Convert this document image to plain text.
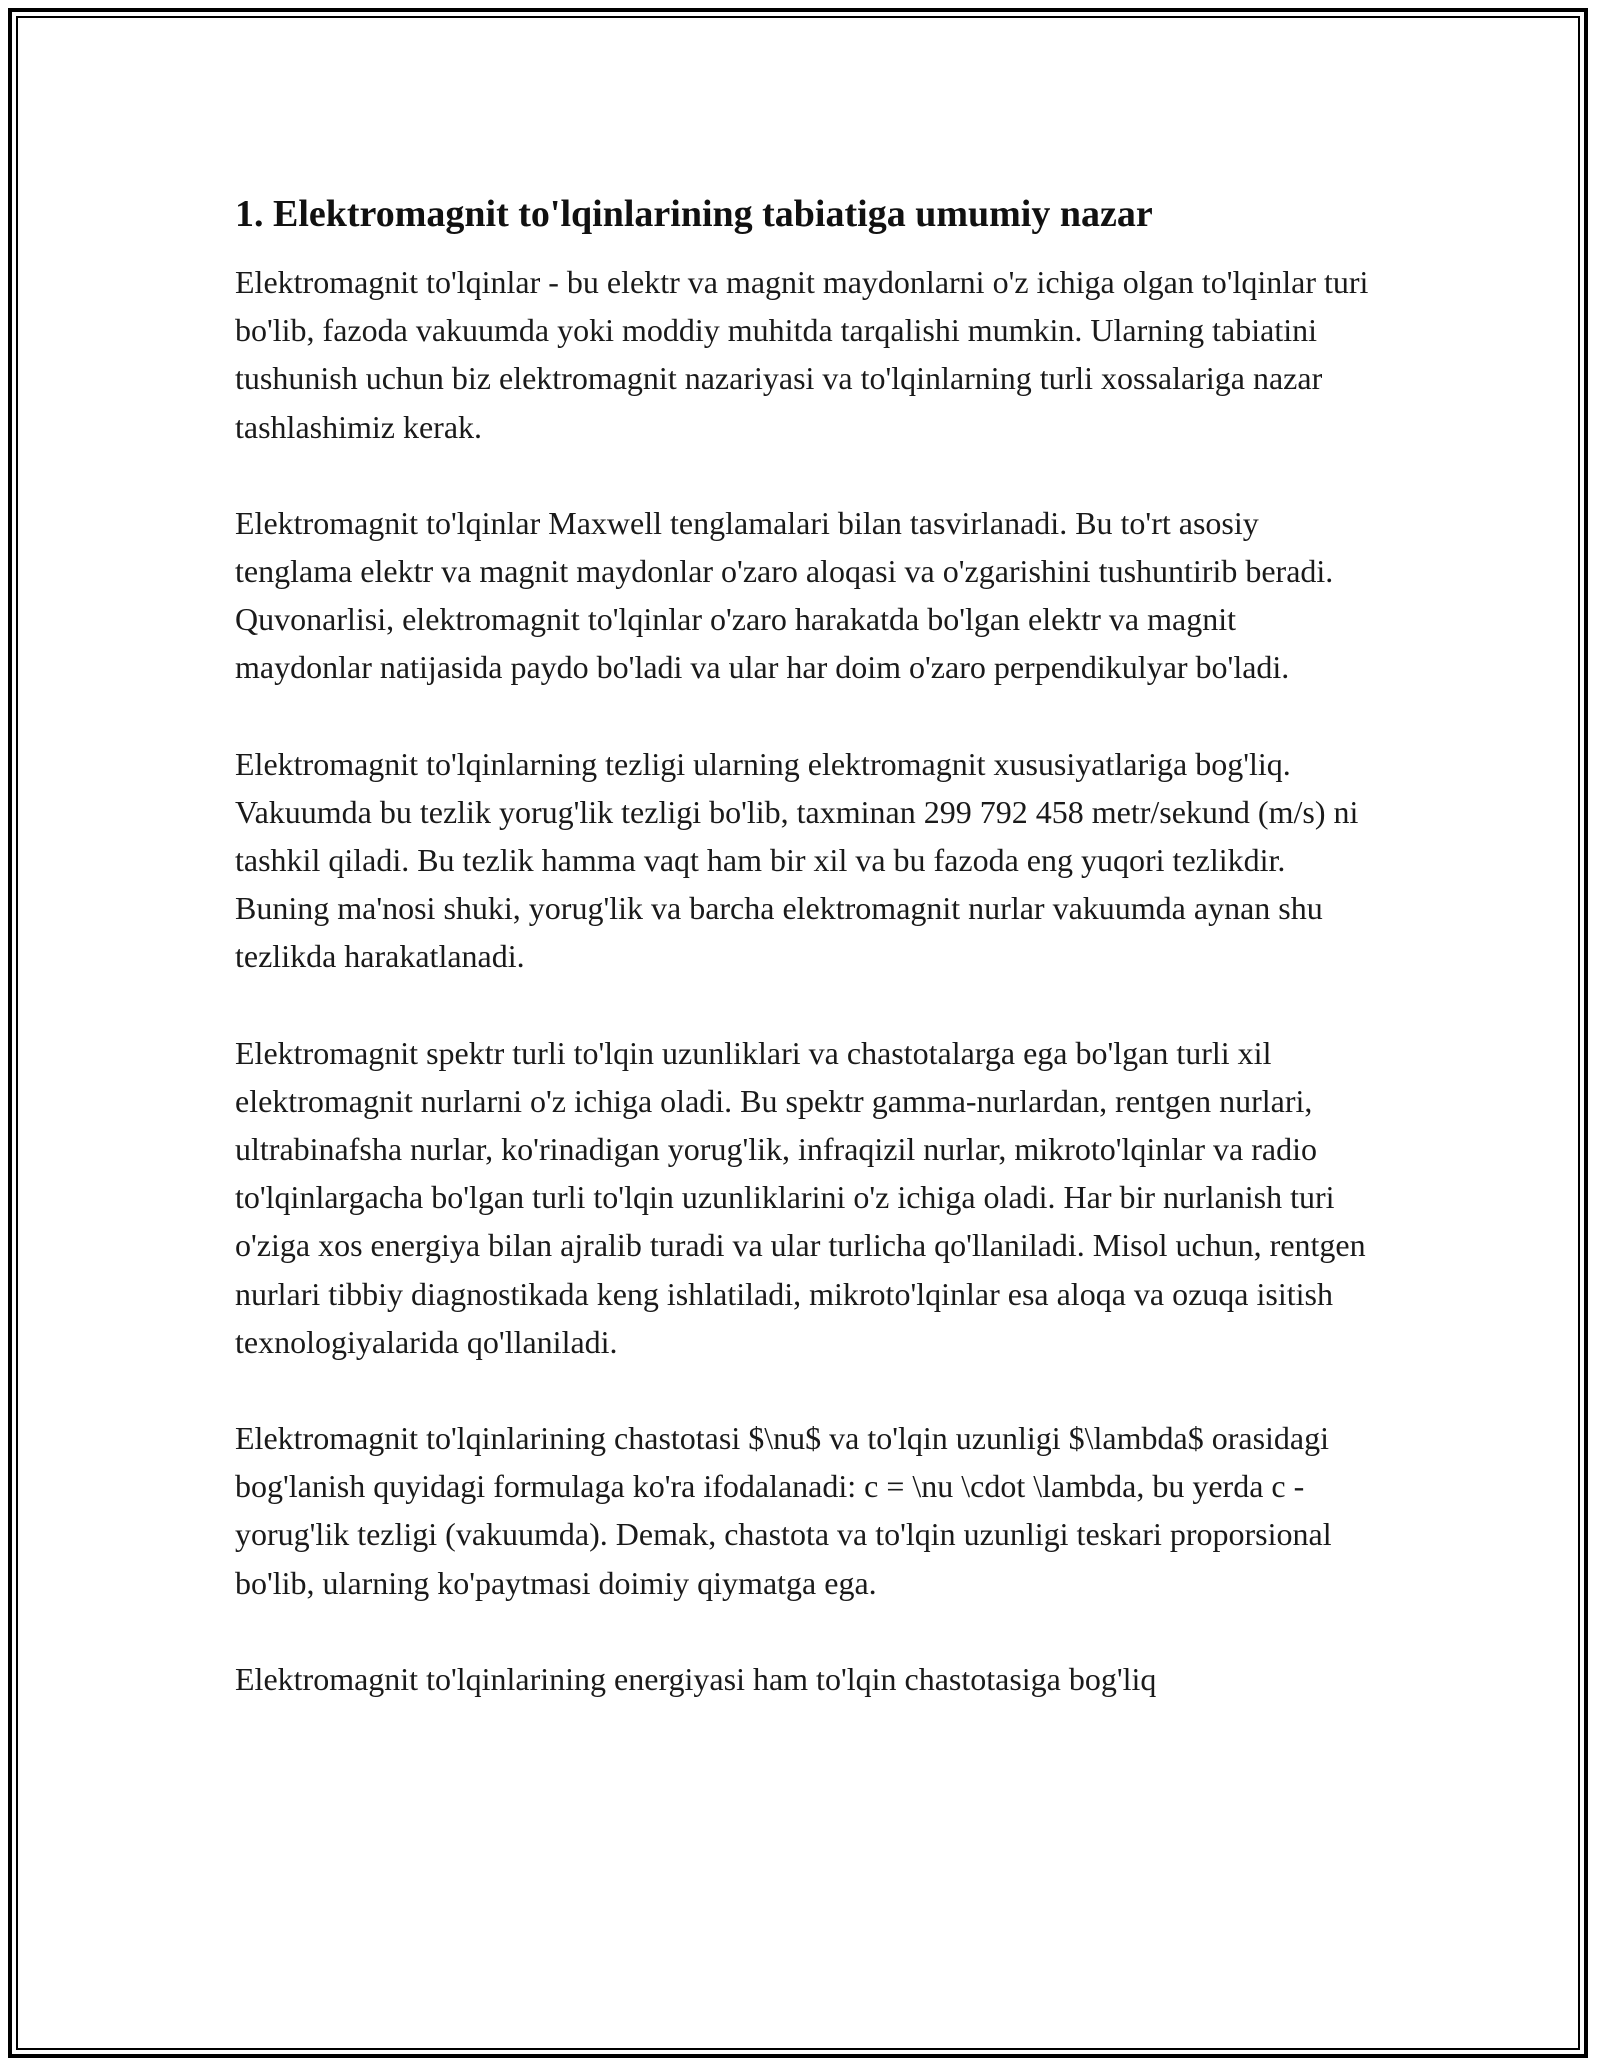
1. Elektromagnit to'lqinlarining tabiatiga umumiy nazar

Elektromagnit to'lqinlar - bu elektr va magnit maydonlarni o'z ichiga olgan to'lqinlar turi bo'lib, fazoda vakuumda yoki moddiy muhitda tarqalishi mumkin. Ularning tabiatini tushunish uchun biz elektromagnit nazariyasi va to'lqinlarning turli xossalariga nazar tashlashimiz kerak.

Elektromagnit to'lqinlar Maxwell tenglamalari bilan tasvirlanadi. Bu to'rt asosiy tenglama elektr va magnit maydonlar o'zaro aloqasi va o'zgarishini tushuntirib beradi. Quvonarlisi, elektromagnit to'lqinlar o'zaro harakatda bo'lgan elektr va magnit maydonlar natijasida paydo bo'ladi va ular har doim o'zaro perpendikulyar bo'ladi.

Elektromagnit to'lqinlarning tezligi ularning elektromagnit xususiyatlariga bog'liq. Vakuumda bu tezlik yorug'lik tezligi bo'lib, taxminan 299 792 458 metr/sekund (m/s) ni tashkil qiladi. Bu tezlik hamma vaqt ham bir xil va bu fazoda eng yuqori tezlikdir. Buning ma'nosi shuki, yorug'lik va barcha elektromagnit nurlar vakuumda aynan shu tezlikda harakatlanadi.

Elektromagnit spektr turli to'lqin uzunliklari va chastotalarga ega bo'lgan turli xil elektromagnit nurlarni o'z ichiga oladi. Bu spektr gamma-nurlardan, rentgen nurlari, ultrabinafsha nurlar, ko'rinadigan yorug'lik, infraqizil nurlar, mikroto'lqinlar va radio to'lqinlargacha bo'lgan turli to'lqin uzunliklarini o'z ichiga oladi. Har bir nurlanish turi o'ziga xos energiya bilan ajralib turadi va ular turlicha qo'llaniladi. Misol uchun, rentgen nurlari tibbiy diagnostikada keng ishlatiladi, mikroto'lqinlar esa aloqa va ozuqa isitish texnologiyalarida qo'llaniladi.

Elektromagnit to'lqinlarining chastotasi $\nu$ va to'lqin uzunligi $\lambda$ orasidagi bog'lanish quyidagi formulaga ko'ra ifodalanadi: c = \nu \cdot \lambda, bu yerda c - yorug'lik tezligi (vakuumda). Demak, chastota va to'lqin uzunligi teskari proporsional bo'lib, ularning ko'paytmasi doimiy qiymatga ega.

Elektromagnit to'lqinlarining energiyasi ham to'lqin chastotasiga bog'liq
